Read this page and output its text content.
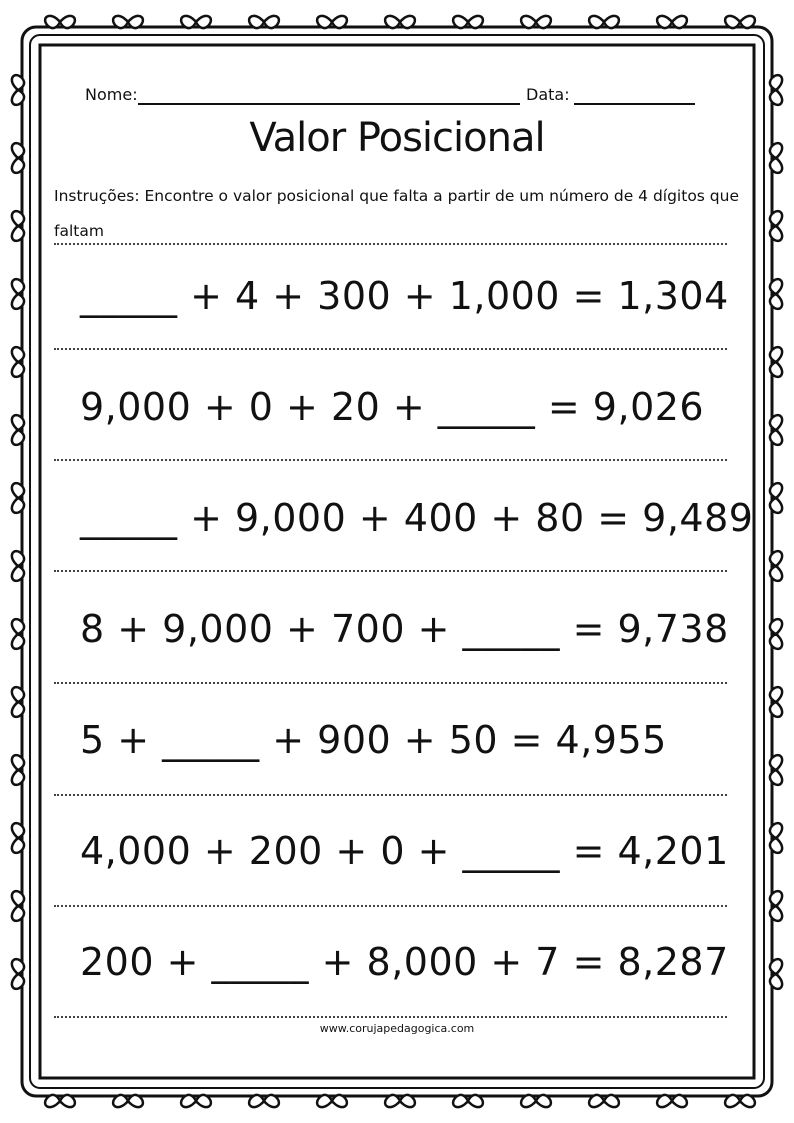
Nome:	Data:
Valor Posicional
Instruções: Encontre o valor posicional que falta a partir de um número de 4 dígitos que faltam
_____ + 4 + 300 + 1,000 = 1,304
9,000 + 0 + 20 + _____ = 9,026
_____ + 9,000 + 400 + 80 = 9,489
8 + 9,000 + 700 + _____ = 9,738
5 + _____ + 900 + 50 = 4,955
4,000 + 200 + 0 + _____ = 4,201
200 + _____ + 8,000 + 7 = 8,287
www.corujapedagogica.com
